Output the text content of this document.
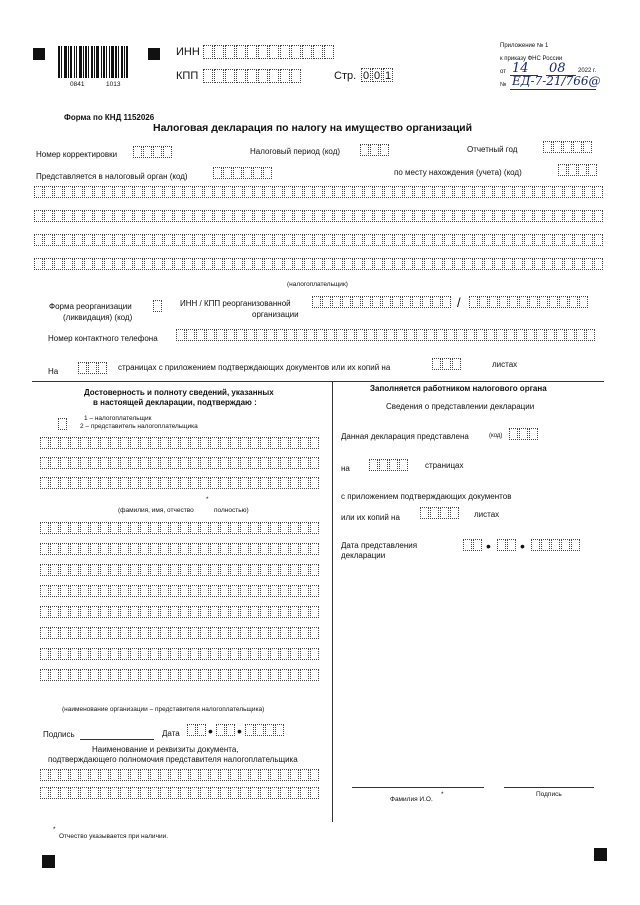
0841	1013
ИНН
КПП	Стр. 0 0 1
Приложение № 1
к приказу ФНС России
от 14 08 2022 г.
№ ЕД-7-21/766@
Форма по КНД 1152026
Налоговая декларация по налогу на имущество организаций
Номер корректировки	Налоговый период (код)	Отчетный год
Представляется в налоговый орган (код)	по месту нахождения (учета) (код)
(налогоплательщик)
Форма реорганизации
(ликвидация) (код)
ИНН / КПП реорганизованной
организации
/
Номер контактного телефона
На	страницах с приложением подтверждающих документов или их копий на	листах
Достоверность и полноту сведений, указанных
в настоящей декларации, подтверждаю :
1 – налогоплательщик
2 – представитель налогоплательщика
*
(фамилия, имя, отчество	полностью)
(наименование организации – представителя налогоплательщика)
Подпись	Дата • •
Наименование и реквизиты документа,
подтверждающего полномочия представителя налогоплательщика
Заполняется работником налогового органа
Сведения о представлении декларации
Данная декларация представлена	(код)
на	страницах
с приложением подтверждающих документов
или их копий на	листах
Дата представления
декларации
• •
*
Фамилия И.О.
Подпись
*
Отчество указывается при наличии.
